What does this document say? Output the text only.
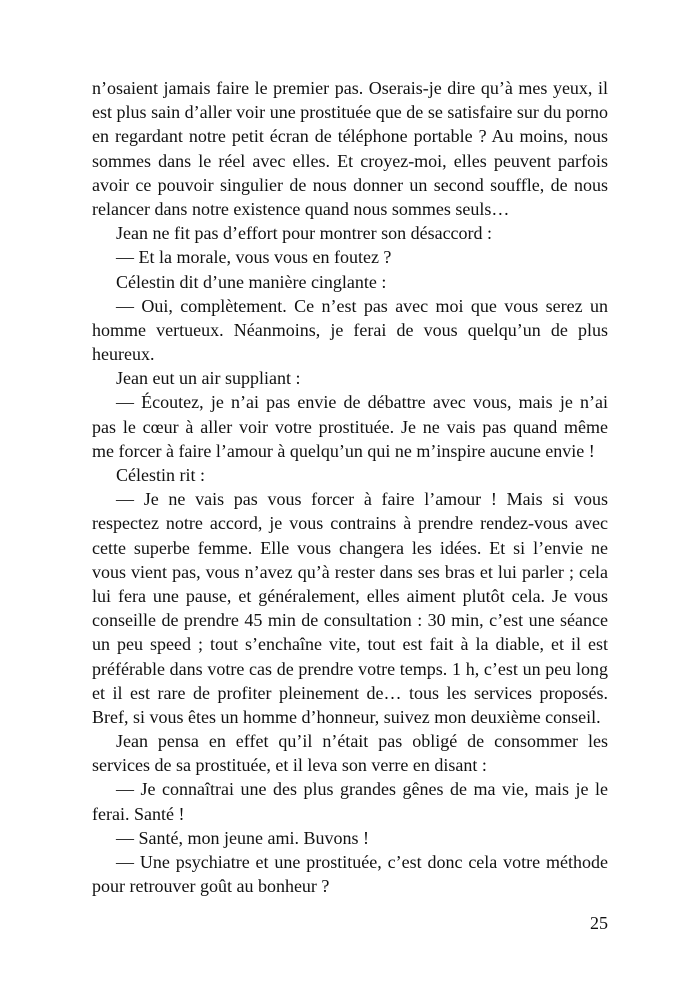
n’osaient jamais faire le premier pas. Oserais-je dire qu’à mes yeux, il
est plus sain d’aller voir une prostituée que de se satisfaire sur du porno
en regardant notre petit écran de téléphone portable ? Au moins, nous
sommes dans le réel avec elles. Et croyez-moi, elles peuvent parfois
avoir ce pouvoir singulier de nous donner un second souffle, de nous
relancer dans notre existence quand nous sommes seuls…
Jean ne fit pas d’effort pour montrer son désaccord :
— Et la morale, vous vous en foutez ?
Célestin dit d’une manière cinglante :
— Oui, complètement. Ce n’est pas avec moi que vous serez un
homme vertueux. Néanmoins, je ferai de vous quelqu’un de plus
heureux.
Jean eut un air suppliant :
— Écoutez, je n’ai pas envie de débattre avec vous, mais je n’ai
pas le cœur à aller voir votre prostituée. Je ne vais pas quand même
me forcer à faire l’amour à quelqu’un qui ne m’inspire aucune envie !
Célestin rit :
— Je ne vais pas vous forcer à faire l’amour ! Mais si vous
respectez notre accord, je vous contrains à prendre rendez-vous avec
cette superbe femme. Elle vous changera les idées. Et si l’envie ne
vous vient pas, vous n’avez qu’à rester dans ses bras et lui parler ; cela
lui fera une pause, et généralement, elles aiment plutôt cela. Je vous
conseille de prendre 45 min de consultation : 30 min, c’est une séance
un peu speed ; tout s’enchaîne vite, tout est fait à la diable, et il est
préférable dans votre cas de prendre votre temps. 1 h, c’est un peu long
et il est rare de profiter pleinement de… tous les services proposés.
Bref, si vous êtes un homme d’honneur, suivez mon deuxième conseil.
Jean pensa en effet qu’il n’était pas obligé de consommer les
services de sa prostituée, et il leva son verre en disant :
— Je connaîtrai une des plus grandes gênes de ma vie, mais je le
ferai. Santé !
— Santé, mon jeune ami. Buvons !
— Une psychiatre et une prostituée, c’est donc cela votre méthode
pour retrouver goût au bonheur ?
25
